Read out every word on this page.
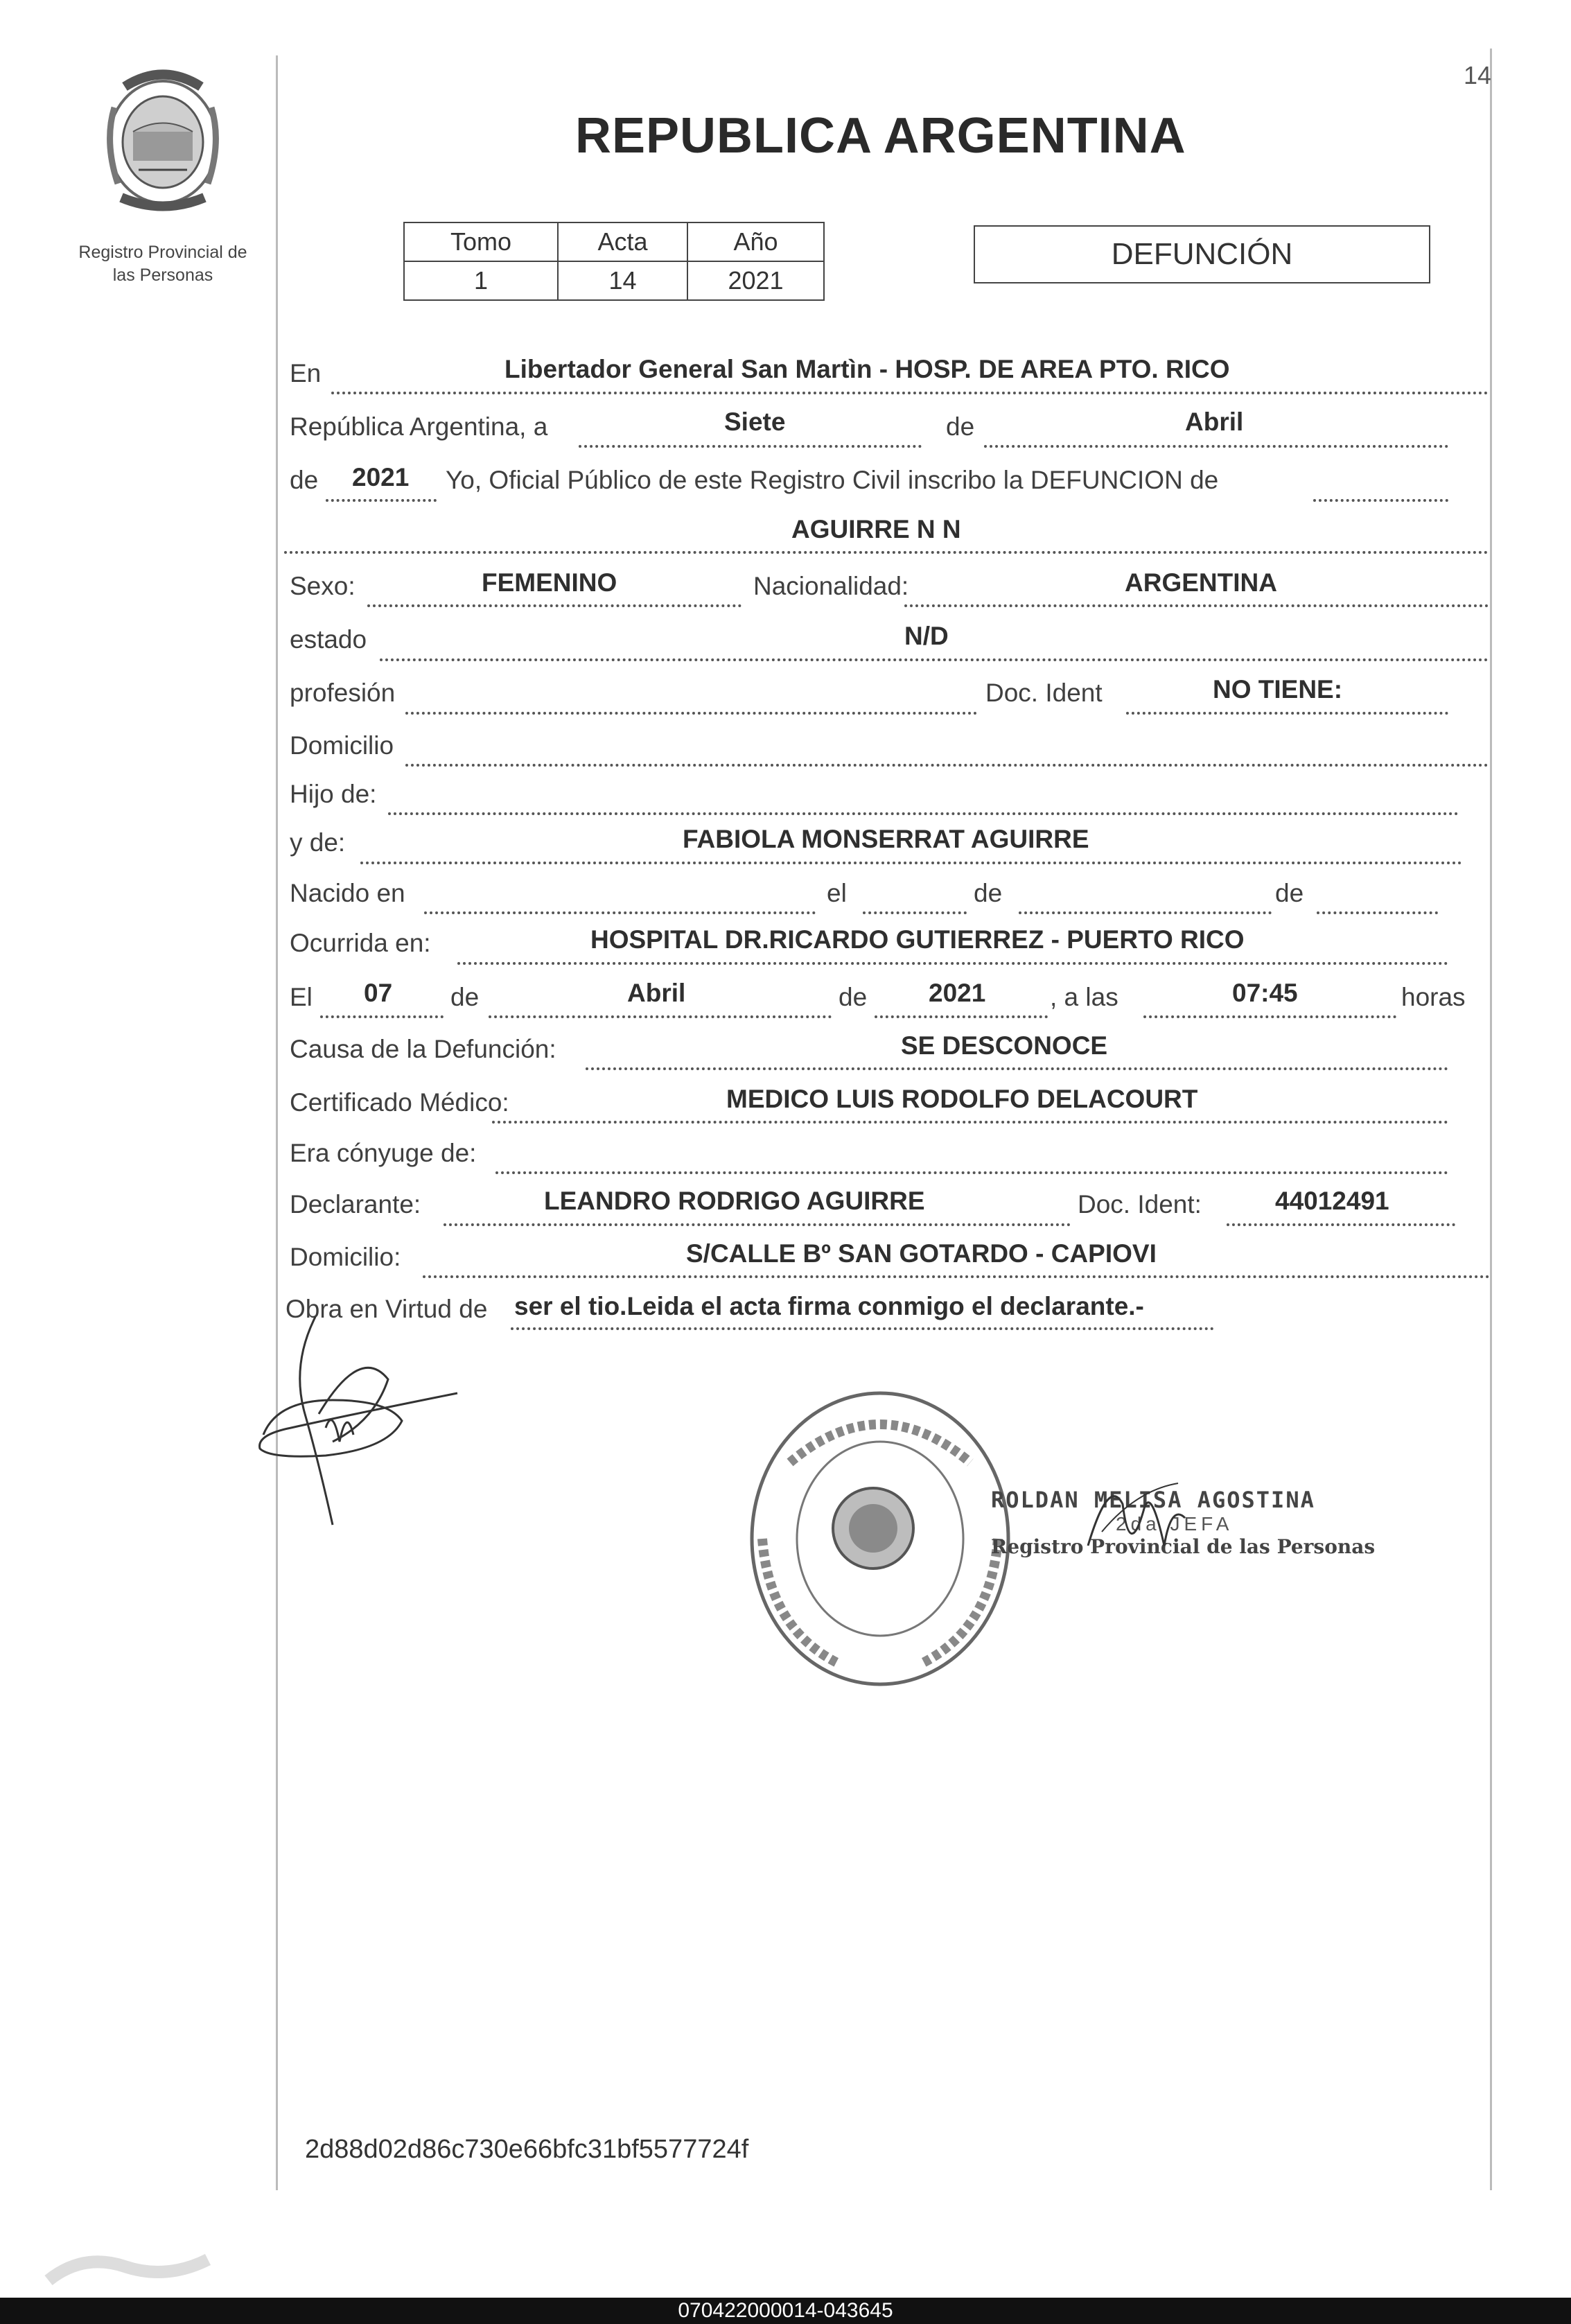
Registro Provincial de
las Personas
14
REPUBLICA ARGENTINA
Tomo	Acta	Año
1	14	2021
DEFUNCIÓN
En	Libertador General San Martìn - HOSP. DE AREA PTO. RICO
República Argentina, a	Siete	de	Abril
de 2021 Yo, Oficial Público de este Registro Civil inscribo la DEFUNCION de
AGUIRRE N N
Sexo:	FEMENINO	Nacionalidad:	ARGENTINA
estado	N/D
profesión	Doc. Ident	NO TIENE:
Domicilio
Hijo de:
y de:	FABIOLA MONSERRAT AGUIRRE
Nacido en	el	de	de
Ocurrida en:	HOSPITAL DR.RICARDO GUTIERREZ - PUERTO RICO
El 07 de	Abril	de 2021	, a las	07:45	horas
Causa de la Defunción:	SE DESCONOCE
Certificado Médico:	MEDICO LUIS RODOLFO DELACOURT
Era cónyuge de:
Declarante:	LEANDRO RODRIGO AGUIRRE	Doc. Ident:	44012491
Domicilio:	S/CALLE Bº SAN GOTARDO - CAPIOVI
Obra en Virtud de ser el tio.Leida el acta firma conmigo el declarante.-
ROLDAN MELISA AGOSTINA
2da JEFA
Registro Provincial de las Personas
2d88d02d86c730e66bfc31bf5577724f
070422000014-043645
